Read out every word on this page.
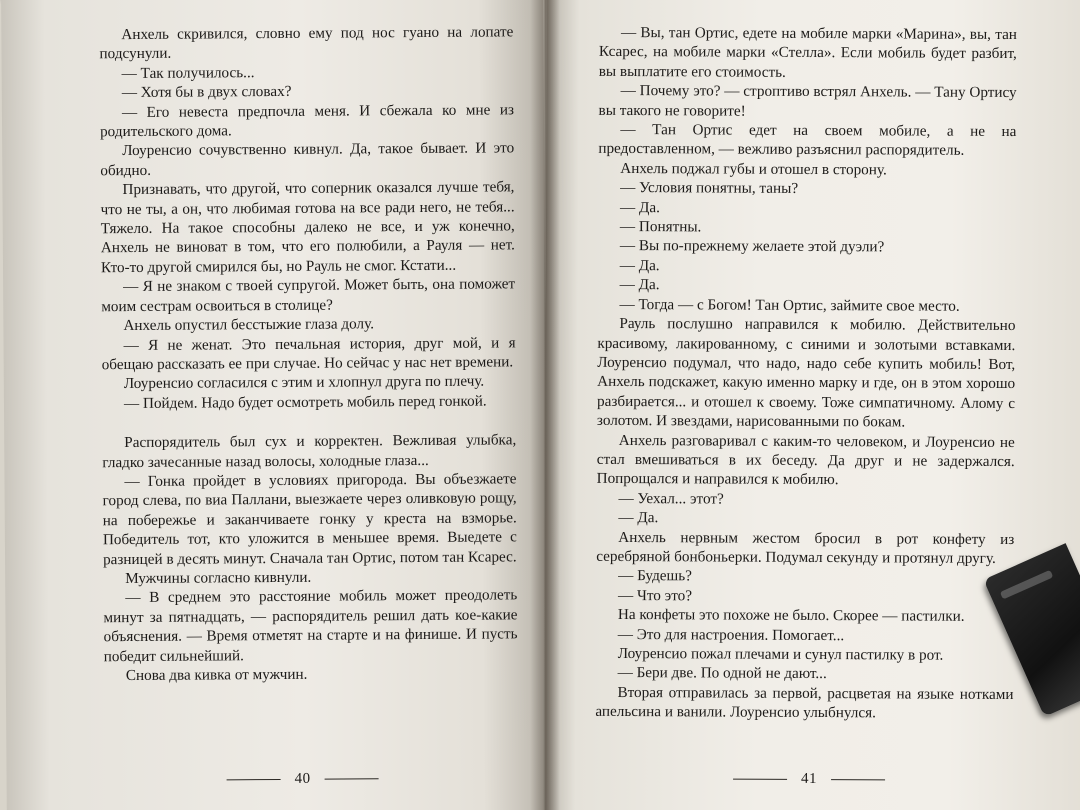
Анхель скривился, словно ему под нос гуано на лопате подсунули.

— Так получилось...

— Хотя бы в двух словах?

— Его невеста предпочла меня. И сбежала ко мне из родительского дома.

Лоуренсио сочувственно кивнул. Да, такое бывает. И это обидно.

Признавать, что другой, что соперник оказался лучше тебя, что не ты, а он, что любимая готова на все ради него, не тебя... Тяжело. На такое способны далеко не все, и уж конечно, Анхель не виноват в том, что его полюбили, а Рауля — нет. Кто-то другой смирился бы, но Рауль не смог. Кстати...

— Я не знаком с твоей супругой. Может быть, она поможет моим сестрам освоиться в столице?

Анхель опустил бесстыжие глаза долу.

— Я не женат. Это печальная история, друг мой, и я обещаю рассказать ее при случае. Но сейчас у нас нет времени.

Лоуренсио согласился с этим и хлопнул друга по плечу.

— Пойдем. Надо будет осмотреть мобиль перед гонкой.

Распорядитель был сух и корректен. Вежливая улыбка, гладко зачесанные назад волосы, холодные глаза...

— Гонка пройдет в условиях пригорода. Вы объезжаете город слева, по виа Паллани, выезжаете через оливковую рощу, на побережье и заканчиваете гонку у креста на взморье. Победитель тот, кто уложится в меньшее время. Выедете с разницей в десять минут. Сначала тан Ортис, потом тан Ксарес.

Мужчины согласно кивнули.

— В среднем это расстояние мобиль может преодолеть минут за пятнадцать, — распорядитель решил дать кое-какие объяснения. — Время отметят на старте и на финише. И пусть победит сильнейший.

Снова два кивка от мужчин.

40

— Вы, тан Ортис, едете на мобиле марки «Марина», вы, тан Ксарес, на мобиле марки «Стелла». Если мобиль будет разбит, вы выплатите его стоимость.

— Почему это? — строптиво встрял Анхель. — Тану Ортису вы такого не говорите!

— Тан Ортис едет на своем мобиле, а не на предоставленном, — вежливо разъяснил распорядитель.

Анхель поджал губы и отошел в сторону.

— Условия понятны, таны?

— Да.

— Понятны.

— Вы по-прежнему желаете этой дуэли?

— Да.

— Да.

— Тогда — с Богом! Тан Ортис, займите свое место.

Рауль послушно направился к мобилю. Действительно красивому, лакированному, с синими и золотыми вставками. Лоуренсио подумал, что надо, надо себе купить мобиль! Вот, Анхель подскажет, какую именно марку и где, он в этом хорошо разбирается... и отошел к своему. Тоже симпатичному. Алому с золотом. И звездами, нарисованными по бокам.

Анхель разговаривал с каким-то человеком, и Лоуренсио не стал вмешиваться в их беседу. Да друг и не задержался. Попрощался и направился к мобилю.

— Уехал... этот?

— Да.

Анхель нервным жестом бросил в рот конфету из серебряной бонбоньерки. Подумал секунду и протянул другу.

— Будешь?

— Что это?

На конфеты это похоже не было. Скорее — пастилки.

— Это для настроения. Помогает...

Лоуренсио пожал плечами и сунул пастилку в рот.

— Бери две. По одной не дают...

Вторая отправилась за первой, расцветая на языке нотками апельсина и ванили. Лоуренсио улыбнулся.

41
